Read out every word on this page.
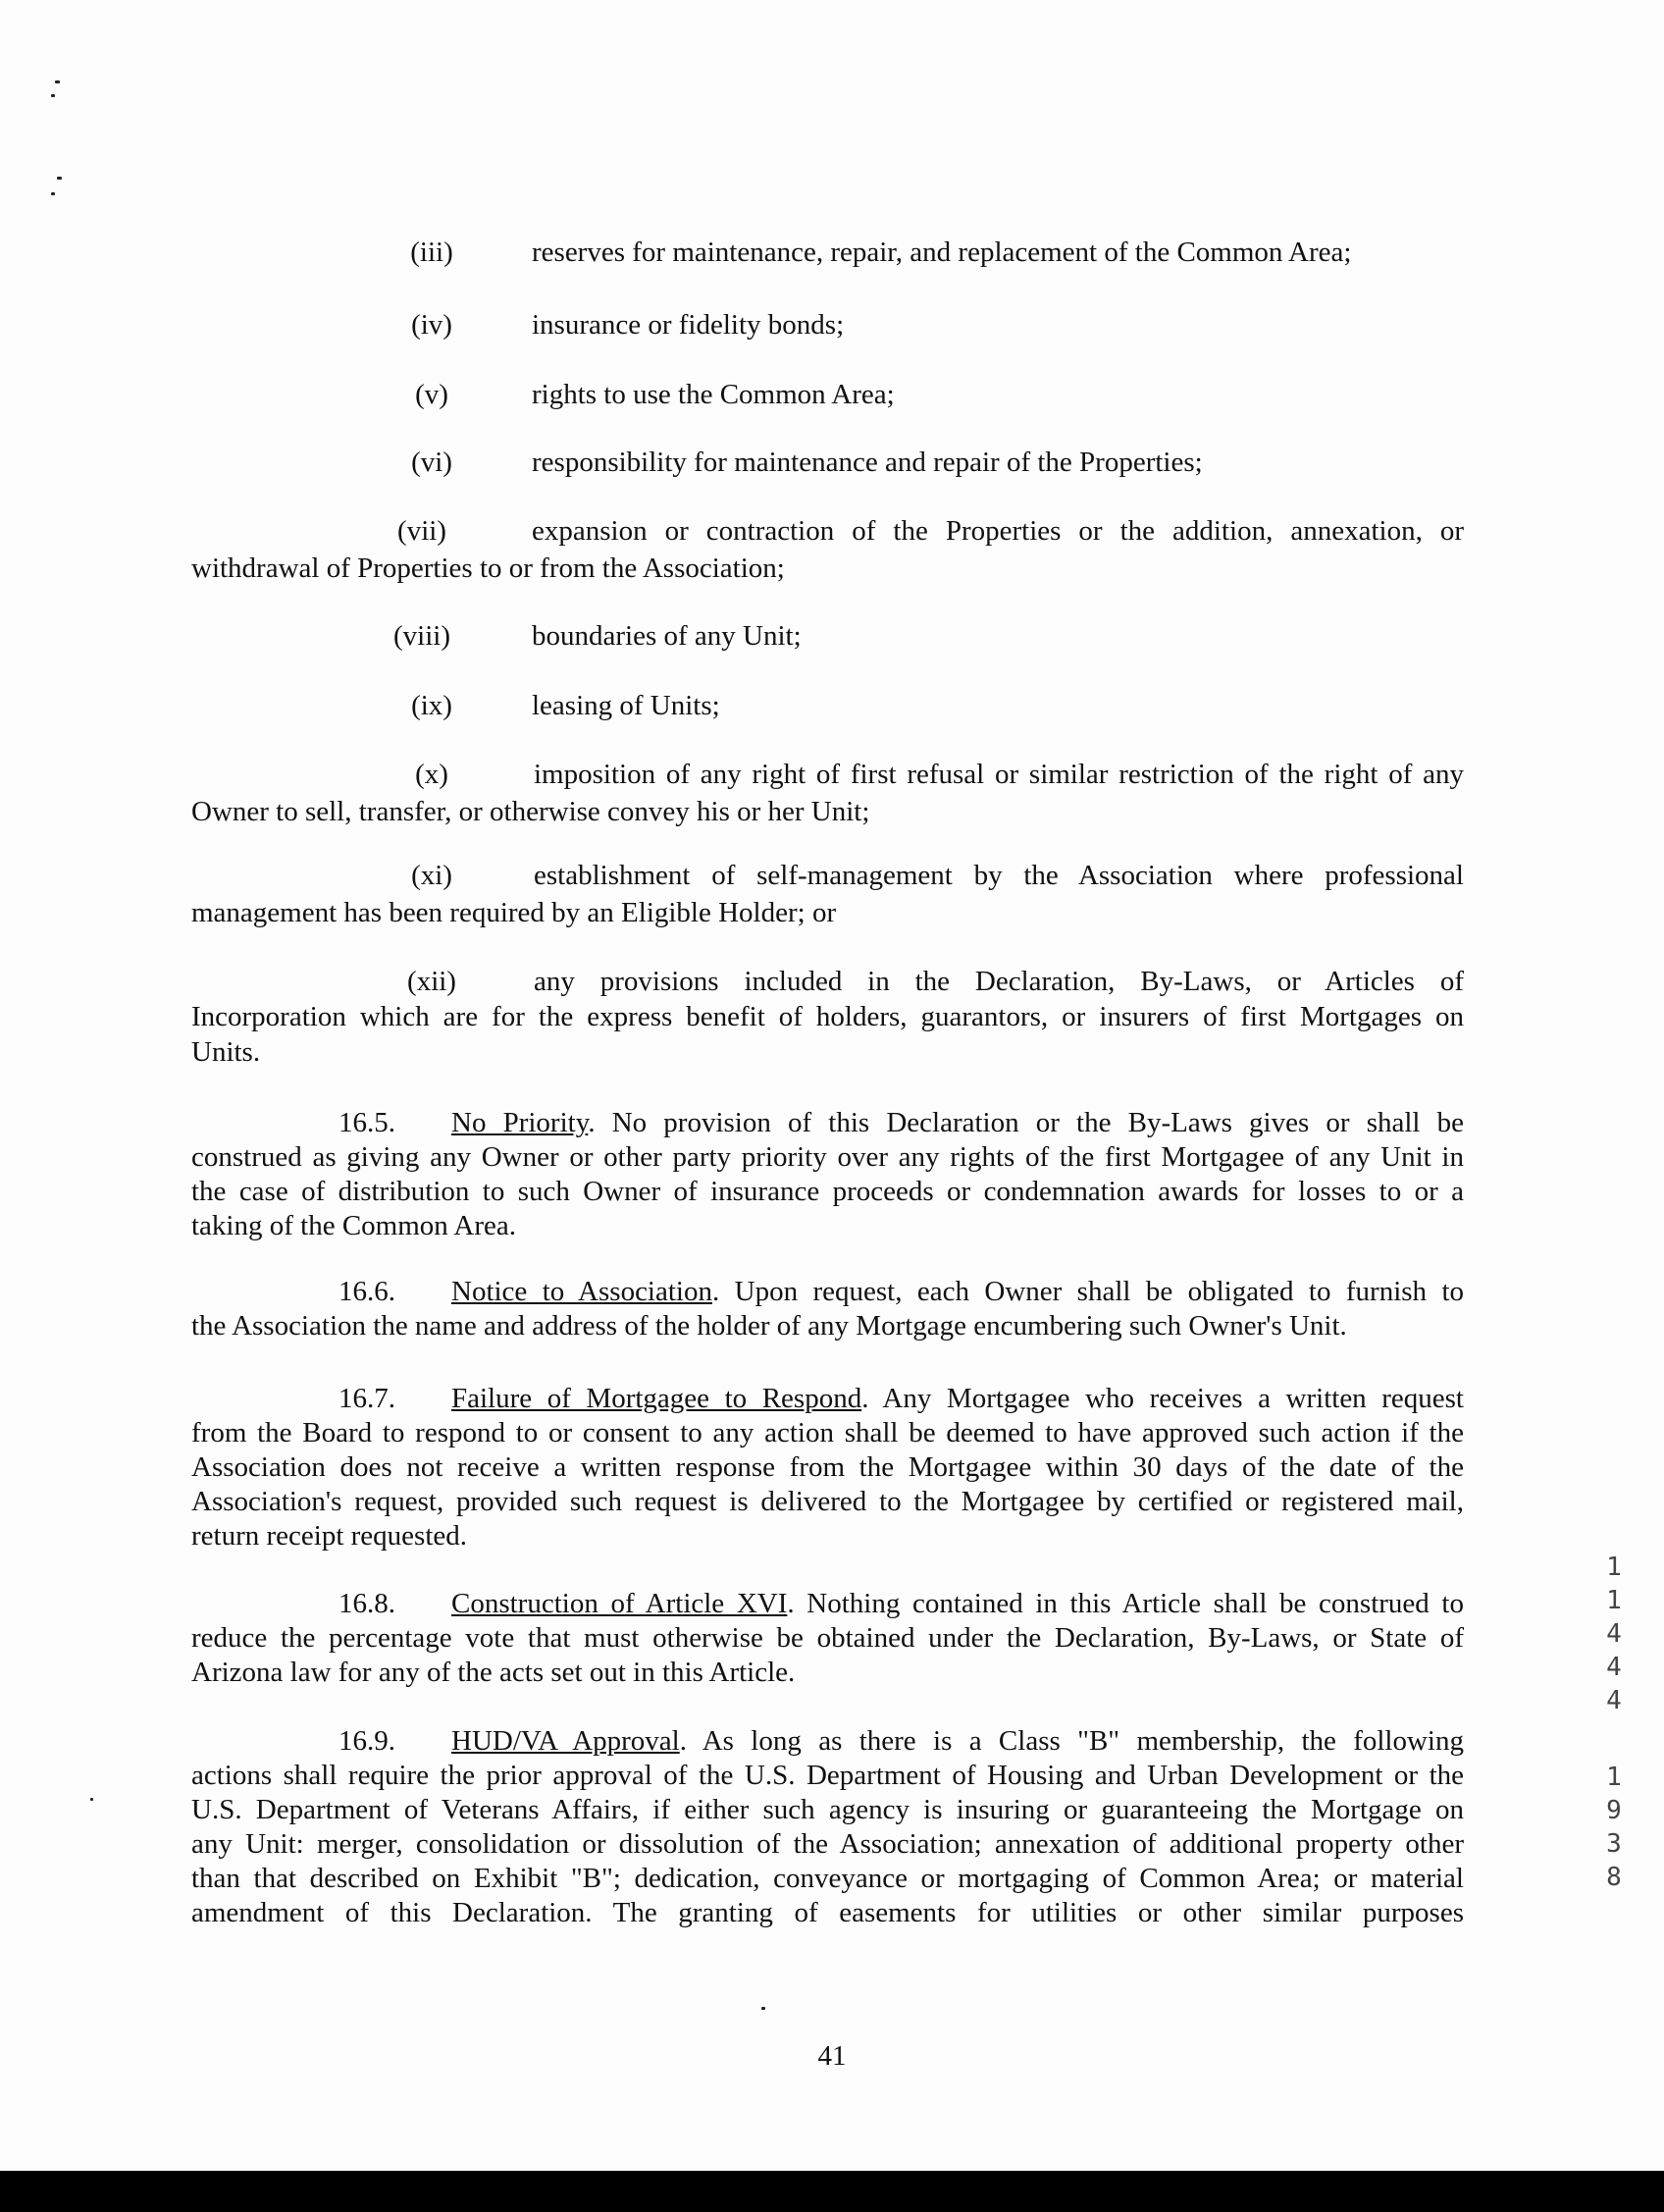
(iii)	reserves for maintenance, repair, and replacement of the Common Area;
(iv)	insurance or fidelity bonds;
(v)	rights to use the Common Area;
(vi)	responsibility for maintenance and repair of the Properties;
(vii)	expansion or contraction of the Properties or the addition, annexation, or
withdrawal of Properties to or from the Association;
(viii)	boundaries of any Unit;
(ix)	leasing of Units;
(x)	imposition of any right of first refusal or similar restriction of the right of any
Owner to sell, transfer, or otherwise convey his or her Unit;
(xi)	establishment of self-management by the Association where professional
management has been required by an Eligible Holder; or
(xii)	any provisions included in the Declaration, By-Laws, or Articles of
Incorporation which are for the express benefit of holders, guarantors, or insurers of first Mortgages on
Units.
16.5. No Priority. No provision of this Declaration or the By-Laws gives or shall be
construed as giving any Owner or other party priority over any rights of the first Mortgagee of any Unit in
the case of distribution to such Owner of insurance proceeds or condemnation awards for losses to or a
taking of the Common Area.
16.6. Notice to Association. Upon request, each Owner shall be obligated to furnish to
the Association the name and address of the holder of any Mortgage encumbering such Owner's Unit.
16.7. Failure of Mortgagee to Respond. Any Mortgagee who receives a written request
from the Board to respond to or consent to any action shall be deemed to have approved such action if the
Association does not receive a written response from the Mortgagee within 30 days of the date of the
Association's request, provided such request is delivered to the Mortgagee by certified or registered mail,
return receipt requested.
16.8. Construction of Article XVI. Nothing contained in this Article shall be construed to
reduce the percentage vote that must otherwise be obtained under the Declaration, By-Laws, or State of
Arizona law for any of the acts set out in this Article.
16.9. HUD/VA Approval. As long as there is a Class "B" membership, the following
actions shall require the prior approval of the U.S. Department of Housing and Urban Development or the
U.S. Department of Veterans Affairs, if either such agency is insuring or guaranteeing the Mortgage on
any Unit: merger, consolidation or dissolution of the Association; annexation of additional property other
than that described on Exhibit "B"; dedication, conveyance or mortgaging of Common Area; or material
amendment of this Declaration. The granting of easements for utilities or other similar purposes
1
1
4
4
4
1
9
3
8
41
